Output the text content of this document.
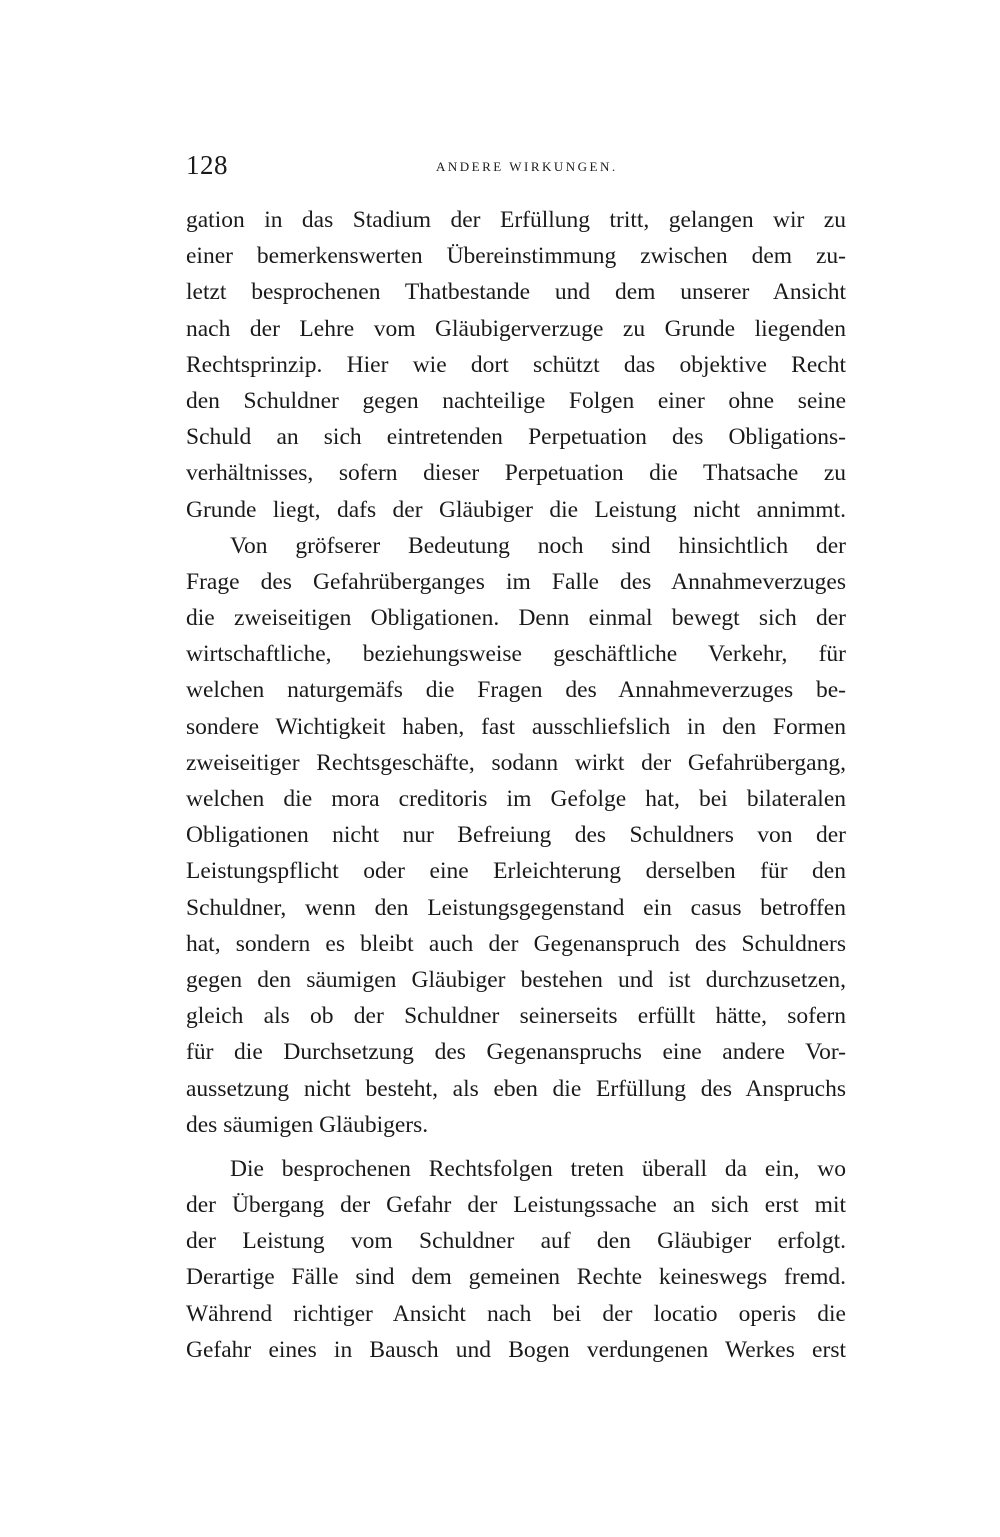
128	ANDERE WIRKUNGEN.
gation in das Stadium der Erfüllung tritt, gelangen wir zu
einer bemerkenswerten Übereinstimmung zwischen dem zu-
letzt besprochenen Thatbestande und dem unserer Ansicht
nach der Lehre vom Gläubigerverzuge zu Grunde liegenden
Rechtsprinzip. Hier wie dort schützt das objektive Recht
den Schuldner gegen nachteilige Folgen einer ohne seine
Schuld an sich eintretenden Perpetuation des Obligations-
verhältnisses, sofern dieser Perpetuation die Thatsache zu
Grunde liegt, dafs der Gläubiger die Leistung nicht annimmt.
Von gröfserer Bedeutung noch sind hinsichtlich der
Frage des Gefahrüberganges im Falle des Annahmeverzuges
die zweiseitigen Obligationen. Denn einmal bewegt sich der
wirtschaftliche, beziehungsweise geschäftliche Verkehr, für
welchen naturgemäfs die Fragen des Annahmeverzuges be-
sondere Wichtigkeit haben, fast ausschliefslich in den Formen
zweiseitiger Rechtsgeschäfte, sodann wirkt der Gefahrübergang,
welchen die mora creditoris im Gefolge hat, bei bilateralen
Obligationen nicht nur Befreiung des Schuldners von der
Leistungspflicht oder eine Erleichterung derselben für den
Schuldner, wenn den Leistungsgegenstand ein casus betroffen
hat, sondern es bleibt auch der Gegenanspruch des Schuldners
gegen den säumigen Gläubiger bestehen und ist durchzusetzen,
gleich als ob der Schuldner seinerseits erfüllt hätte, sofern
für die Durchsetzung des Gegenanspruchs eine andere Vor-
aussetzung nicht besteht, als eben die Erfüllung des Anspruchs
des säumigen Gläubigers.
Die besprochenen Rechtsfolgen treten überall da ein, wo
der Übergang der Gefahr der Leistungssache an sich erst mit
der Leistung vom Schuldner auf den Gläubiger erfolgt.
Derartige Fälle sind dem gemeinen Rechte keineswegs fremd.
Während richtiger Ansicht nach bei der locatio operis die
Gefahr eines in Bausch und Bogen verdungenen Werkes erst
